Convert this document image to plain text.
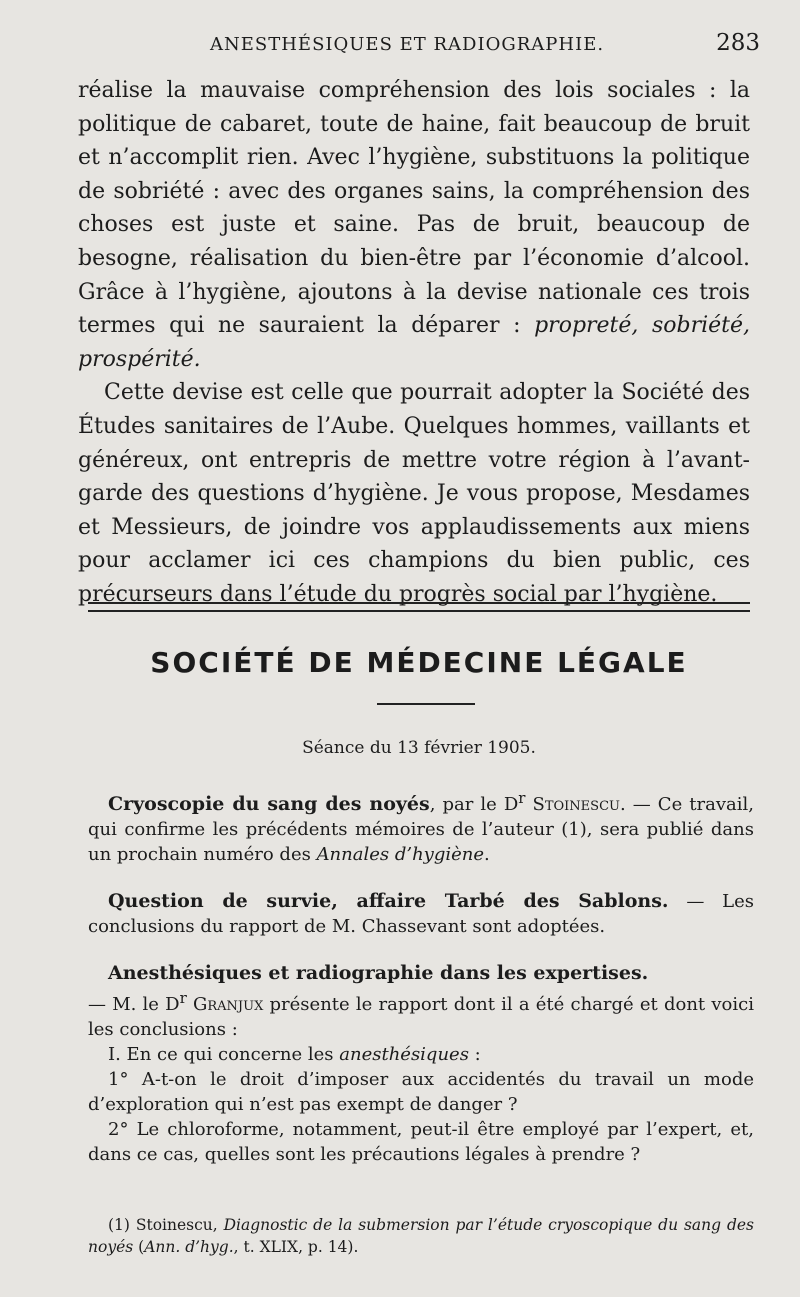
ANESTHÉSIQUES ET RADIOGRAPHIE.	283

réalise la mauvaise compréhension des lois sociales : la politique de cabaret, toute de haine, fait beaucoup de bruit et n’accomplit rien. Avec l’hygiène, substituons la politique de sobriété : avec des organes sains, la compréhension des choses est juste et saine. Pas de bruit, beaucoup de besogne, réalisation du bien-être par l’économie d’alcool. Grâce à l’hygiène, ajoutons à la devise nationale ces trois termes qui ne sauraient la déparer : propreté, sobriété, prospérité.

Cette devise est celle que pourrait adopter la Société des Études sanitaires de l’Aube. Quelques hommes, vaillants et généreux, ont entrepris de mettre votre région à l’avant-garde des questions d’hygiène. Je vous propose, Mesdames et Messieurs, de joindre vos applaudissements aux miens pour acclamer ici ces champions du bien public, ces précurseurs dans l’étude du progrès social par l’hygiène.

SOCIÉTÉ DE MÉDECINE LÉGALE
Séance du 13 février 1905.

Cryoscopie du sang des noyés, par le $D^r$ Stoinescu. — Ce travail, qui confirme les précédents mémoires de l’auteur (1), sera publié dans un prochain numéro des Annales d’hygiène.

Question de survie, affaire Tarbé des Sablons. — Les conclusions du rapport de M. Chassevant sont adoptées.

Anesthésiques et radiographie dans les expertises.

— M. le $D^r$ Granjux présente le rapport dont il a été chargé et dont voici les conclusions :

I. En ce qui concerne les anesthésiques :

1° A-t-on le droit d’imposer aux accidentés du travail un mode d’exploration qui n’est pas exempt de danger ?

2° Le chloroforme, notamment, peut-il être employé par l’expert, et, dans ce cas, quelles sont les précautions légales à prendre ?

(1) Stoinescu, Diagnostic de la submersion par l’étude cryoscopique du sang des noyés (Ann. d’hyg., t. XLIX, p. 14).
